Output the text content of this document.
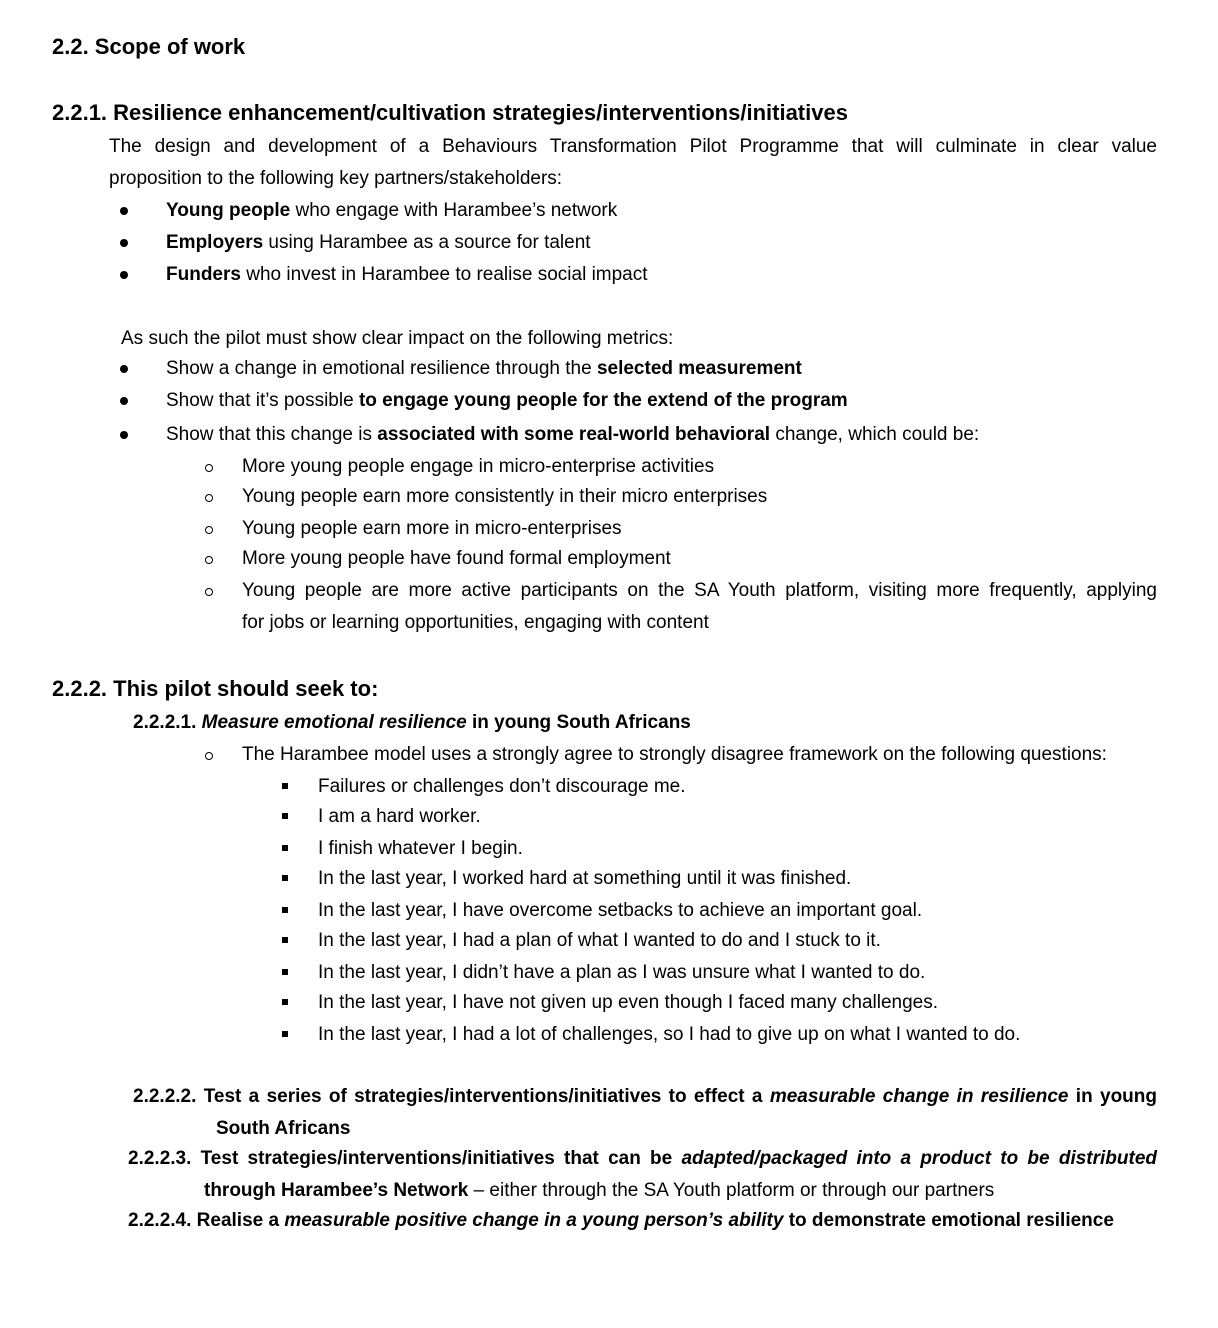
2.2. Scope of work
2.2.1. Resilience enhancement/cultivation strategies/interventions/initiatives
The design and development of a Behaviours Transformation Pilot Programme that will culminate in clear value
proposition to the following key partners/stakeholders:
Young people who engage with Harambee’s network
Employers using Harambee as a source for talent
Funders who invest in Harambee to realise social impact
As such the pilot must show clear impact on the following metrics:
Show a change in emotional resilience through the selected measurement
Show that it’s possible to engage young people for the extend of the program
Show that this change is associated with some real-world behavioral change, which could be:
More young people engage in micro-enterprise activities
Young people earn more consistently in their micro enterprises
Young people earn more in micro-enterprises
More young people have found formal employment
Young people are more active participants on the SA Youth platform, visiting more frequently, applying
for jobs or learning opportunities, engaging with content
2.2.2. This pilot should seek to:
2.2.2.1. Measure emotional resilience in young South Africans
The Harambee model uses a strongly agree to strongly disagree framework on the following questions:
Failures or challenges don’t discourage me.
I am a hard worker.
I finish whatever I begin.
In the last year, I worked hard at something until it was finished.
In the last year, I have overcome setbacks to achieve an important goal.
In the last year, I had a plan of what I wanted to do and I stuck to it.
In the last year, I didn’t have a plan as I was unsure what I wanted to do.
In the last year, I have not given up even though I faced many challenges.
In the last year, I had a lot of challenges, so I had to give up on what I wanted to do.
2.2.2.2. Test a series of strategies/interventions/initiatives to effect a measurable change in resilience in young
South Africans
2.2.2.3. Test strategies/interventions/initiatives that can be adapted/packaged into a product to be distributed
through Harambee’s Network – either through the SA Youth platform or through our partners
2.2.2.4. Realise a measurable positive change in a young person’s ability to demonstrate emotional resilience
